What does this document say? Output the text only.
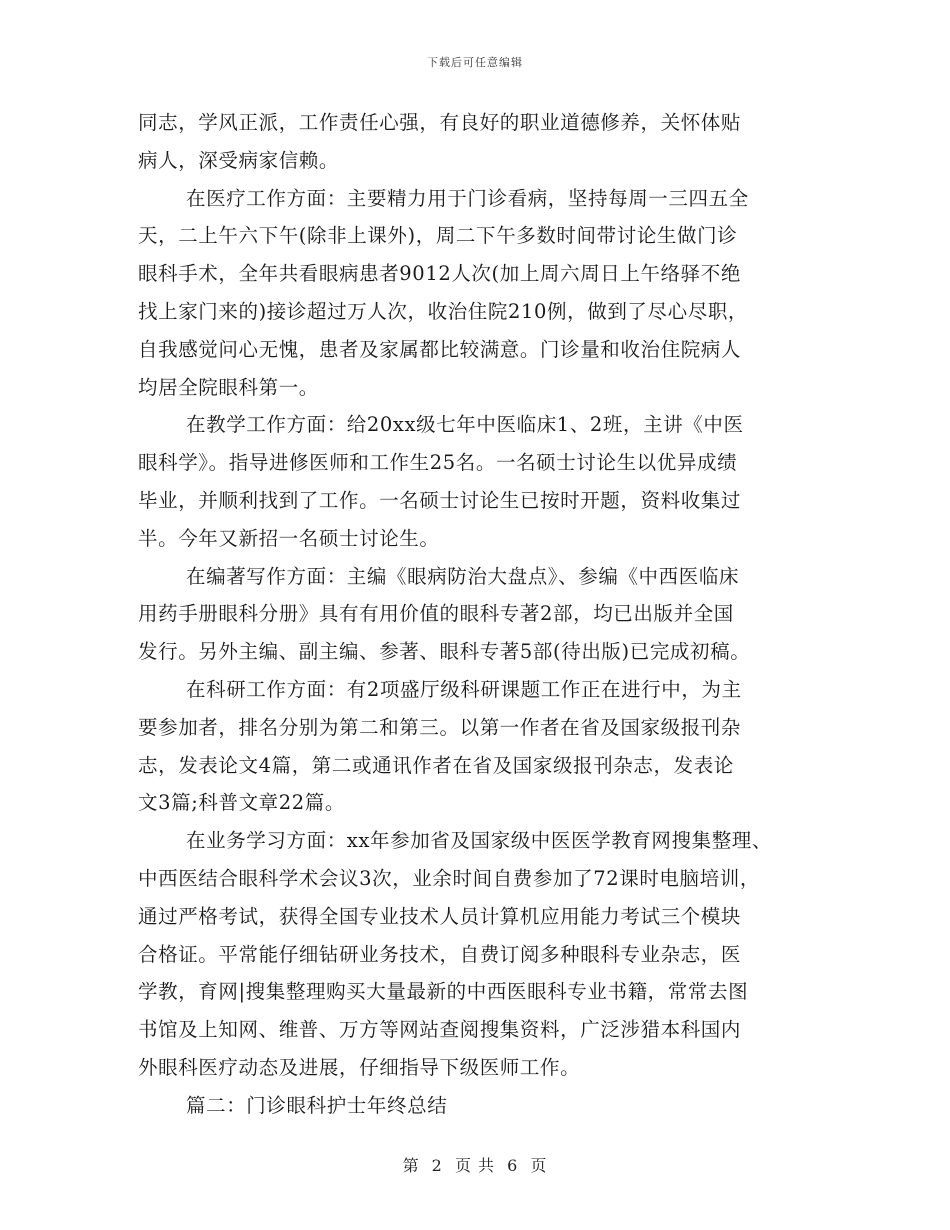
下载后可任意编辑
同志，学风正派，工作责任心强，有良好的职业道德修养，关怀体贴
病人，深受病家信赖。
在医疗工作方面：主要精力用于门诊看病，坚持每周一三四五全
天，二上午六下午(除非上课外)，周二下午多数时间带讨论生做门诊
眼科手术，全年共看眼病患者9012人次(加上周六周日上午络驿不绝
找上家门来的)接诊超过万人次，收治住院210例，做到了尽心尽职，
自我感觉问心无愧，患者及家属都比较满意。门诊量和收治住院病人
均居全院眼科第一。
在教学工作方面：给20xx级七年中医临床1、2班，主讲《中医
眼科学》。指导进修医师和工作生25名。一名硕士讨论生以优异成绩
毕业，并顺利找到了工作。一名硕士讨论生已按时开题，资料收集过
半。今年又新招一名硕士讨论生。
在编著写作方面：主编《眼病防治大盘点》、参编《中西医临床
用药手册眼科分册》具有有用价值的眼科专著2部，均已出版并全国
发行。另外主编、副主编、参著、眼科专著5部(待出版)已完成初稿。
在科研工作方面：有2项盛厅级科研课题工作正在进行中，为主
要参加者，排名分别为第二和第三。以第一作者在省及国家级报刊杂
志，发表论文4篇，第二或通讯作者在省及国家级报刊杂志，发表论
文3篇;科普文章22篇。
在业务学习方面：xx年参加省及国家级中医医学教育网搜集整理、
中西医结合眼科学术会议3次，业余时间自费参加了72课时电脑培训，
通过严格考试，获得全国专业技术人员计算机应用能力考试三个模块
合格证。平常能仔细钻研业务技术，自费订阅多种眼科专业杂志，医
学教，育网|搜集整理购买大量最新的中西医眼科专业书籍，常常去图
书馆及上知网、维普、万方等网站查阅搜集资料，广泛涉猎本科国内
外眼科医疗动态及进展，仔细指导下级医师工作。
篇二：门诊眼科护士年终总结
第 2 页 共 6 页
